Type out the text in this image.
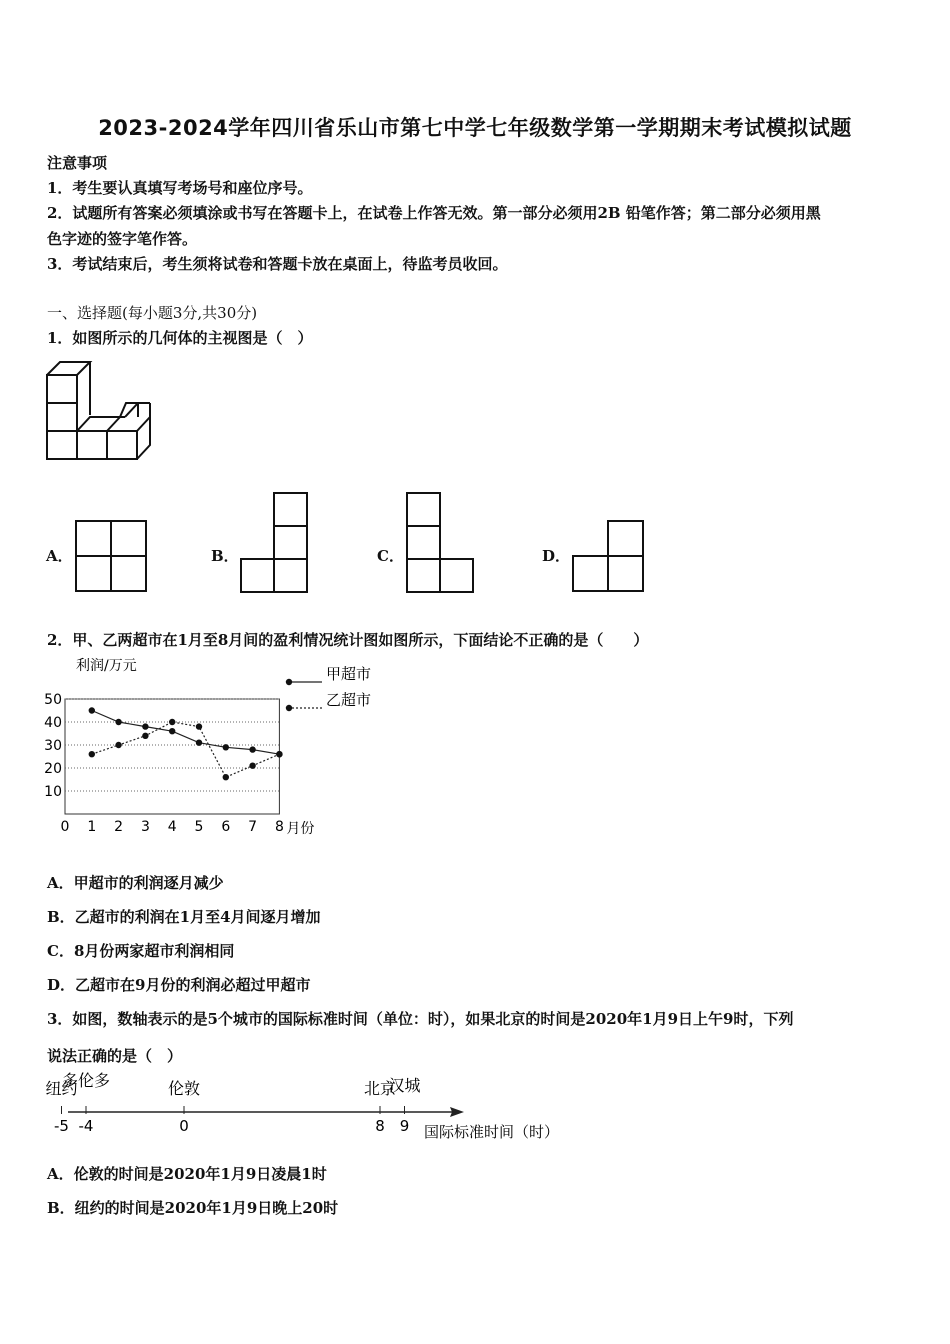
2023-2024学年四川省乐山市第七中学七年级数学第一学期期末考试模拟试题
注意事项
1．考生要认真填写考场号和座位序号。
2．试题所有答案必须填涂或书写在答题卡上，在试卷上作答无效。第一部分必须用2B 铅笔作答；第二部分必须用黑
色字迹的签字笔作答。
3．考试结束后，考生须将试卷和答题卡放在桌面上，待监考员收回。
一、选择题(每小题3分,共30分)
1．如图所示的几何体的主视图是（　）
A．	B．	C．	D．
2．甲、乙两超市在1月至8月间的盈利情况统计图如图所示，下面结论不正确的是（　　）
10
20
30
40
50
0 1 2 3 4 5 6 7 8
利润/万元
月份
甲超市
乙超市
A．甲超市的利润逐月减少
B．乙超市的利润在1月至4月间逐月增加
C．8月份两家超市利润相同
D．乙超市在9月份的利润必超过甲超市
3．如图，数轴表示的是5个城市的国际标准时间（单位：时），如果北京的时间是2020年1月9日上午9时，下列
说法正确的是（　）
-5
纽约
-4
多伦多
0
伦敦
8
北京
9
汉城
国际标准时间（时）
A．伦敦的时间是2020年1月9日凌晨1时
B．纽约的时间是2020年1月9日晚上20时
